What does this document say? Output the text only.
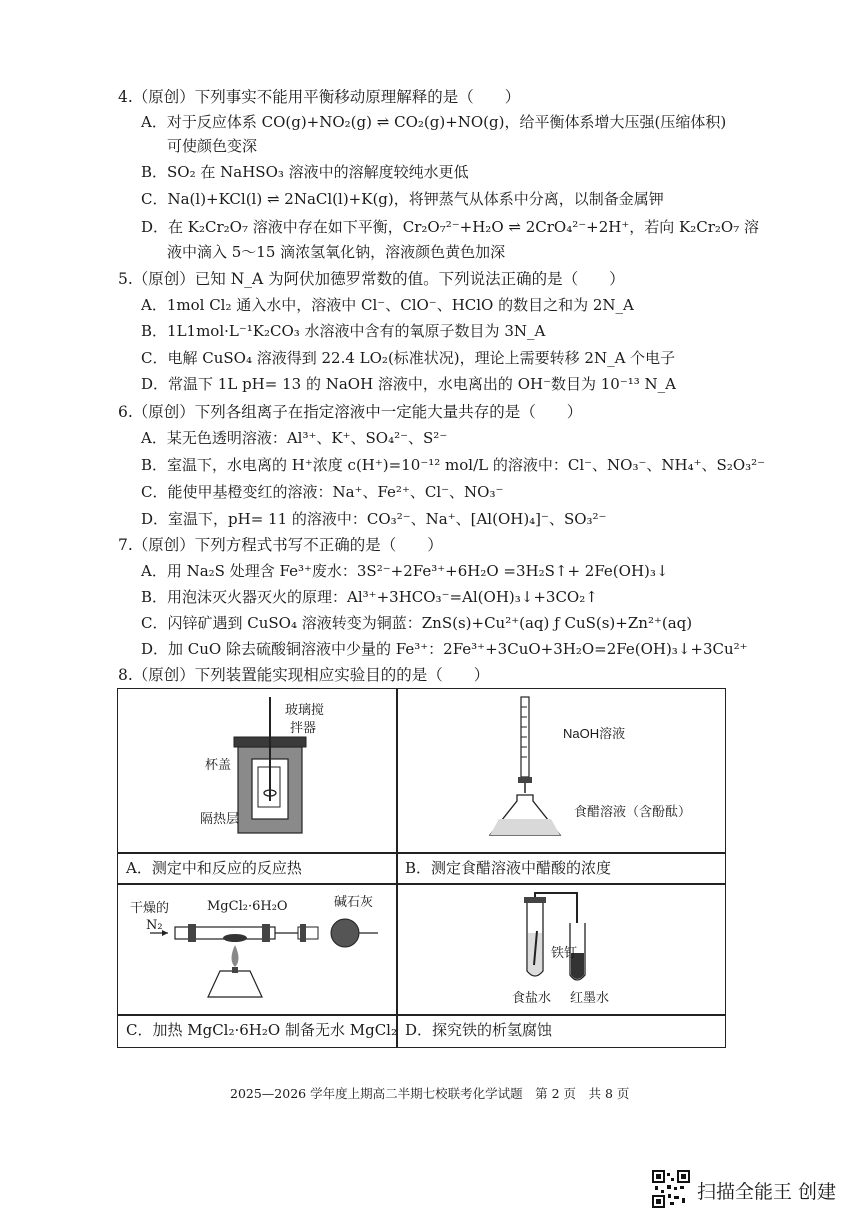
4.（原创）下列事实不能用平衡移动原理解释的是（　　）
A．对于反应体系 CO(g)+NO₂(g) ⇌ CO₂(g)+NO(g)，给平衡体系增大压强(压缩体积)
可使颜色变深
B．SO₂ 在 NaHSO₃ 溶液中的溶解度较纯水更低
C．Na(l)+KCl(l) ⇌ 2NaCl(l)+K(g)，将钾蒸气从体系中分离，以制备金属钾
D．在 K₂Cr₂O₇ 溶液中存在如下平衡，Cr₂O₇²⁻+H₂O ⇌ 2CrO₄²⁻+2H⁺，若向 K₂Cr₂O₇ 溶
液中滴入 5～15 滴浓氢氧化钠，溶液颜色黄色加深
5.（原创）已知 N_A 为阿伏加德罗常数的值。下列说法正确的是（　　）
A．1mol Cl₂ 通入水中，溶液中 Cl⁻、ClO⁻、HClO 的数目之和为 2N_A
B．1L1mol·L⁻¹K₂CO₃ 水溶液中含有的氧原子数目为 3N_A
C．电解 CuSO₄ 溶液得到 22.4 LO₂(标准状况)，理论上需要转移 2N_A 个电子
D．常温下 1L pH= 13 的 NaOH 溶液中，水电离出的 OH⁻数目为 10⁻¹³ N_A
6.（原创）下列各组离子在指定溶液中一定能大量共存的是（　　）
A．某无色透明溶液：Al³⁺、K⁺、SO₄²⁻、S²⁻
B．室温下，水电离的 H⁺浓度 c(H⁺)=10⁻¹² mol/L 的溶液中：Cl⁻、NO₃⁻、NH₄⁺、S₂O₃²⁻
C．能使甲基橙变红的溶液：Na⁺、Fe²⁺、Cl⁻、NO₃⁻
D．室温下，pH= 11 的溶液中：CO₃²⁻、Na⁺、[Al(OH)₄]⁻、SO₃²⁻
7.（原创）下列方程式书写不正确的是（　　）
A．用 Na₂S 处理含 Fe³⁺废水：3S²⁻+2Fe³⁺+6H₂O =3H₂S↑+ 2Fe(OH)₃↓
B．用泡沫灭火器灭火的原理：Al³⁺+3HCO₃⁻=Al(OH)₃↓+3CO₂↑
C．闪锌矿遇到 CuSO₄ 溶液转变为铜蓝：ZnS(s)+Cu²⁺(aq) ƒ CuS(s)+Zn²⁺(aq)
D．加 CuO 除去硫酸铜溶液中少量的 Fe³⁺：2Fe³⁺+3CuO+3H₂O=2Fe(OH)₃↓+3Cu²⁺
8.（原创）下列装置能实现相应实验目的的是（　　）
玻璃搅
拌器
杯盖
隔热层
NaOH溶液
食醋溶液（含酚酞）
A．测定中和反应的反应热	B．测定食醋溶液中醋酸的浓度
干燥的
N₂
MgCl₂·6H₂O	碱石灰
铁钉
食盐水 红墨水
C．加热 MgCl₂·6H₂O 制备无水 MgCl₂ D．探究铁的析氢腐蚀
2025—2026 学年度上期高二半期七校联考化学试题　第 2 页　共 8 页
扫描全能王 创建
